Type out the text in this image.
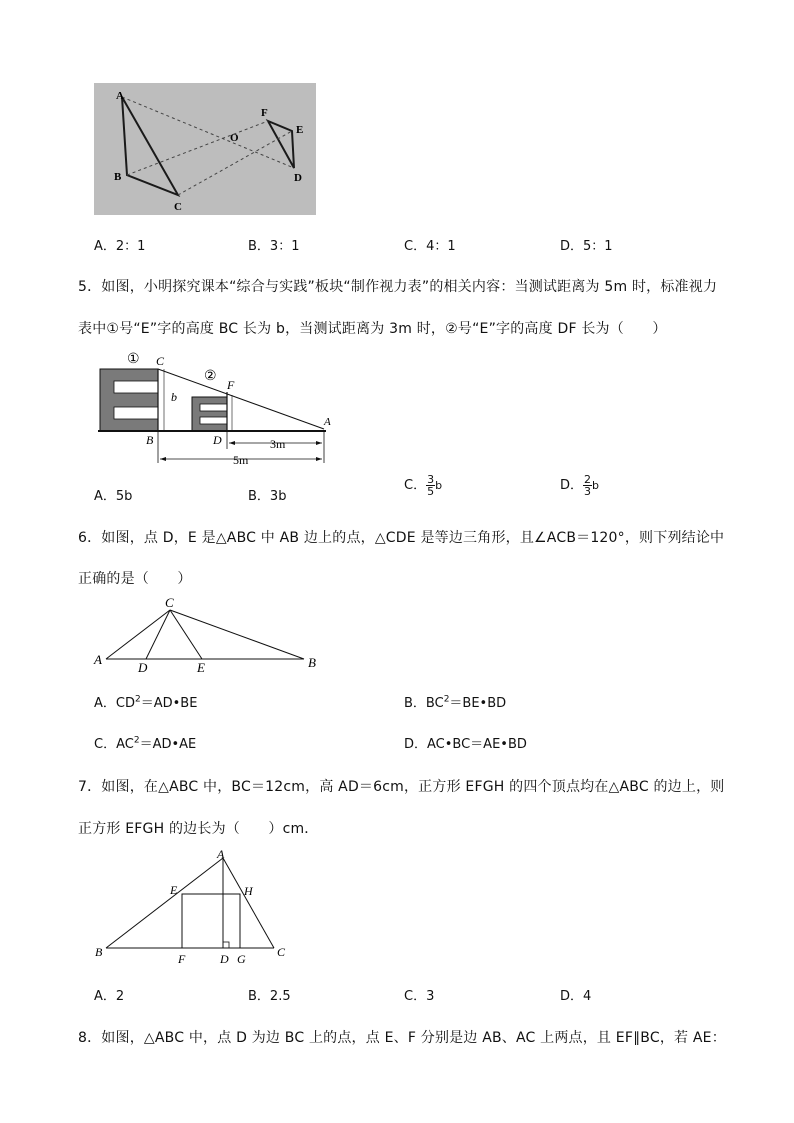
A
B
C
O
F
E
D
A．2：1	B．3：1	C．4：1	D．5：1
5．如图，小明探究课本“综合与实践”板块“制作视力表”的相关内容：当测试距离为 5m 时，标准视力
表中①号“E”字的高度 BC 长为 b，当测试距离为 3m 时，②号“E”字的高度 DF 长为（　　）
① C
②
F
b
A
B	D	3m
5m
A．5b	B．3b
C． $\frac{3}{5}$ b	D． $\frac{2}{3}$ b
6．如图，点 D，E 是△ABC 中 AB 边上的点，△CDE 是等边三角形，且∠ACB＝120°，则下列结论中
正确的是（　　）
C
A
D	E	B
A．$CD^2=AD•BE$	B．$BC^2=BE•BD$
C．$AC^2=AD•AE$	D．AC•BC＝AE•BD
7．如图，在△ABC 中，BC＝12cm，高 AD＝6cm，正方形 EFGH 的四个顶点均在△ABC 的边上，则
正方形 EFGH 的边长为（　　）cm．
A
E	H
B	F	D G	C
A．2	B．2.5	C．3	D．4
8．如图，△ABC 中，点 D 为边 BC 上的点，点 E、F 分别是边 AB、AC 上两点，且 EF∥BC，若 AE：
